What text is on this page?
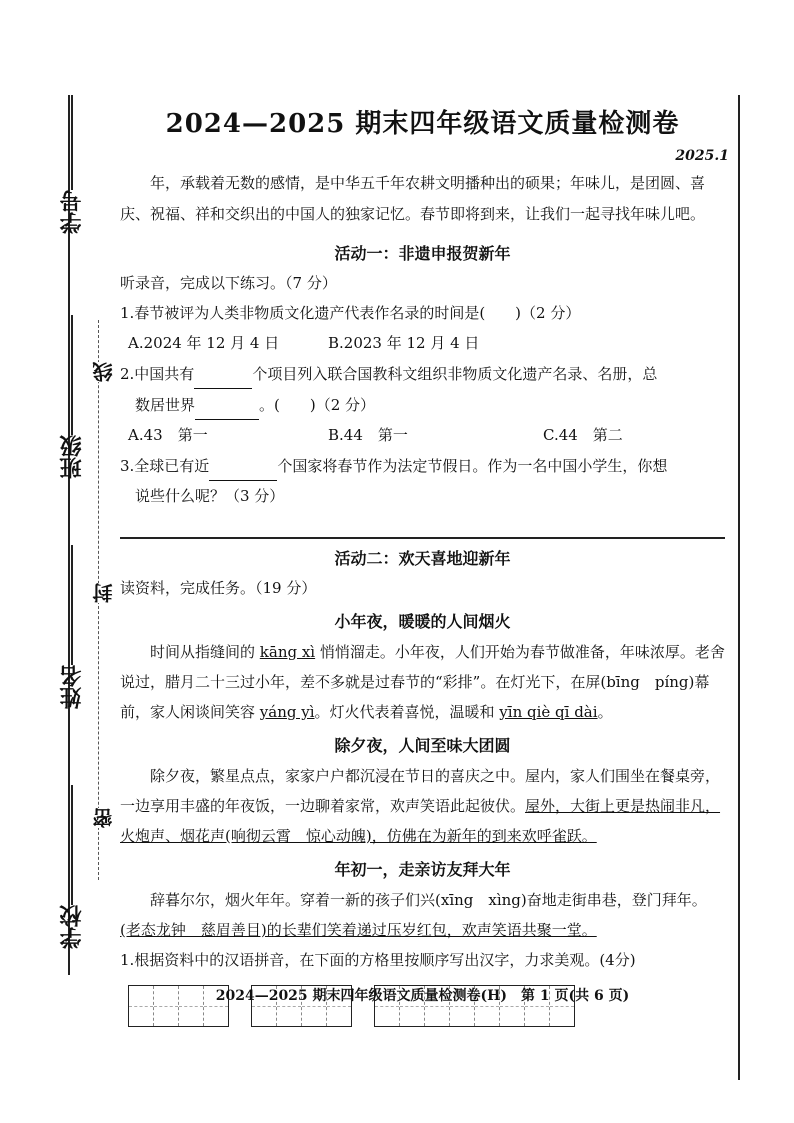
学号
班级
姓名
学校
线
封
密
2024—2025 期末四年级语文质量检测卷
2025.1

年，承载着无数的感情，是中华五千年农耕文明播种出的硕果；年味儿，是团圆、喜庆、祝福、祥和交织出的中国人的独家记忆。春节即将到来，让我们一起寻找年味儿吧。

活动一：非遗申报贺新年

听录音，完成以下练习。（7 分）

1.春节被评为人类非物质文化遗产代表作名录的时间是(　　)（2 分）

A.2024 年 12 月 4 日	B.2023 年 12 月 4 日

2.中国共有	个项目列入联合国教科文组织非物质文化遗产名录、名册，总
数居世界	。(　　)（2 分）

A.43　第一	B.44　第一	C.44　第二

3.全球已有近	个国家将春节作为法定节假日。作为一名中国小学生，你想
说些什么呢？（3 分）

活动二：欢天喜地迎新年

读资料，完成任务。（19 分）

小年夜，暖暖的人间烟火

时间从指缝间的 kāng xì 悄悄溜走。小年夜，人们开始为春节做准备，年味浓厚。老舍说过，腊月二十三过小年，差不多就是过春节的“彩排”。在灯光下，在屏(bīng　píng)幕前，家人闲谈间笑容 yáng yì。灯火代表着喜悦，温暖和 yīn qiè qī dài。

除夕夜，人间至味大团圆

除夕夜，繁星点点，家家户户都沉浸在节日的喜庆之中。屋内，家人们围坐在餐桌旁，一边享用丰盛的年夜饭，一边聊着家常，欢声笑语此起彼伏。屋外，大街上更是热闹非凡，火炮声、烟花声(响彻云霄　惊心动魄)，仿佛在为新年的到来欢呼雀跃。

年初一，走亲访友拜大年

辞暮尔尔，烟火年年。穿着一新的孩子们兴(xīng　xìng)奋地走街串巷，登门拜年。(老态龙钟　慈眉善目)的长辈们笑着递过压岁红包，欢声笑语共聚一堂。

1.根据资料中的汉语拼音，在下面的方格里按顺序写出汉字，力求美观。(4分)

2024—2025 期末四年级语文质量检测卷(H)　第 1 页(共 6 页)
